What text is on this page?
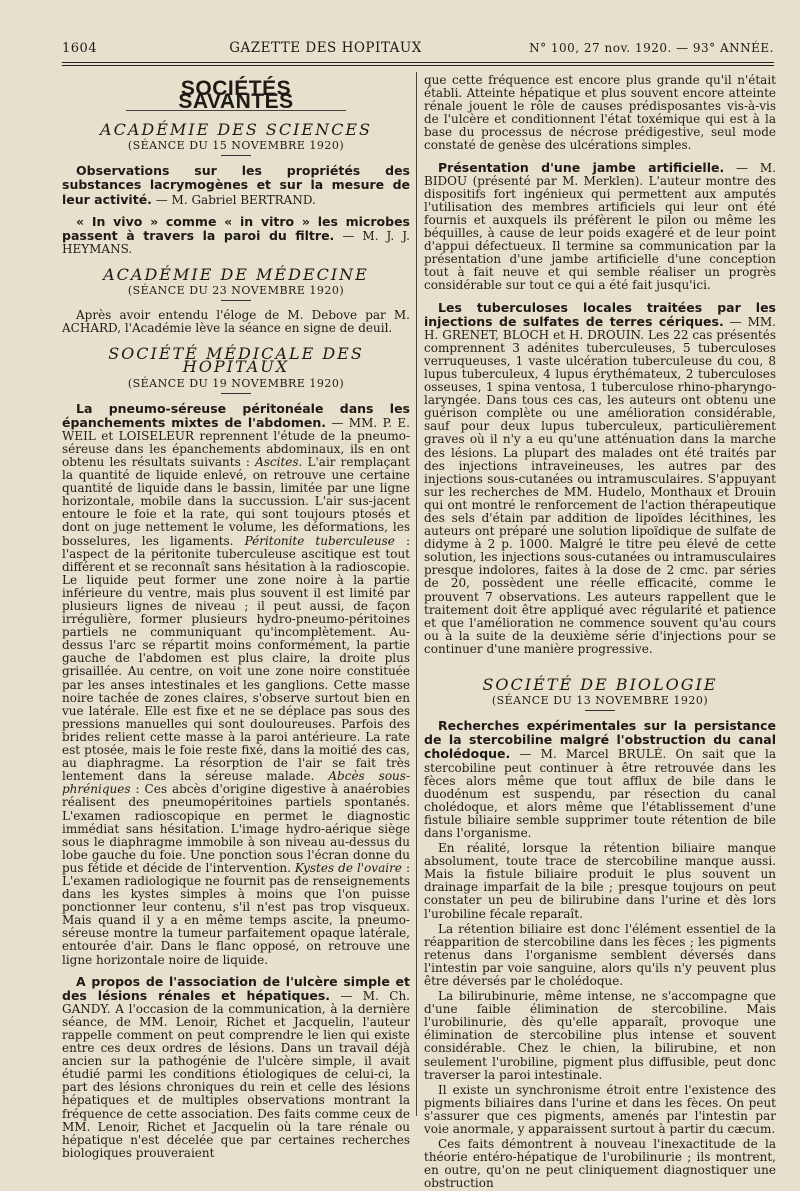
1604	GAZETTE DES HOPITAUX	N° 100, 27 nov. 1920. — 93° ANNÉE.
SOCIÉTÉS SAVANTES
ACADÉMIE DES SCIENCES
(SÉANCE DU 15 NOVEMBRE 1920)

Observations sur les propriétés des substances lacrymogènes et sur la mesure de leur activité. — M. Gabriel BERTRAND.

« In vivo » comme « in vitro » les microbes passent à travers la paroi du filtre. — M. J. J. HEYMANS.

ACADÉMIE DE MÉDECINE
(SÉANCE DU 23 NOVEMBRE 1920)

Après avoir entendu l'éloge de M. Debove par M. ACHARD, l'Académie lève la séance en signe de deuil.

SOCIÉTÉ MÉDICALE DES HOPITAUX
(SÉANCE DU 19 NOVEMBRE 1920)

La pneumo-séreuse péritonéale dans les épanchements mixtes de l'abdomen. — MM. P. E. WEIL et LOISELEUR reprennent l'étude de la pneumo-séreuse dans les épanchements abdominaux, ils en ont obtenu les résultats suivants : Ascites. L'air remplaçant la quantité de liquide enlevé, on retrouve une certaine quantité de liquide dans le bassin, limitée par une ligne horizontale, mobile dans la succussion. L'air sus-jacent entoure le foie et la rate, qui sont toujours ptosés et dont on juge nettement le volume, les déformations, les bosselures, les ligaments. Péritonite tuberculeuse : l'aspect de la péritonite tuberculeuse ascitique est tout différent et se reconnaît sans hésitation à la radioscopie. Le liquide peut former une zone noire à la partie inférieure du ventre, mais plus souvent il est limité par plusieurs lignes de niveau ; il peut aussi, de façon irrégulière, former plusieurs hydro-pneumo-péritoines partiels ne communiquant qu'incomplètement. Au-dessus l'arc se répartit moins conformément, la partie gauche de l'abdomen est plus claire, la droite plus grisaillée. Au centre, on voit une zone noire constituée par les anses intestinales et les ganglions. Cette masse noire tachée de zones claires, s'observe surtout bien en vue latérale. Elle est fixe et ne se déplace pas sous des pressions manuelles qui sont douloureuses. Parfois des brides relient cette masse à la paroi antérieure. La rate est ptosée, mais le foie reste fixé, dans la moitié des cas, au diaphragme. La résorption de l'air se fait très lentement dans la séreuse malade. Abcès sous-phréniques : Ces abcès d'origine digestive à anaérobies réalisent des pneumopéritoines partiels spontanés. L'examen radioscopique en permet le diagnostic immédiat sans hésitation. L'image hydro-aérique siège sous le diaphragme immobile à son niveau au-dessus du lobe gauche du foie. Une ponction sous l'écran donne du pus fétide et décide de l'intervention. Kystes de l'ovaire : L'examen radiologique ne fournit pas de renseignements dans les kystes simples à moins que l'on puisse ponctionner leur contenu, s'il n'est pas trop visqueux. Mais quand il y a en même temps ascite, la pneumo-séreuse montre la tumeur parfaitement opaque latérale, entourée d'air. Dans le flanc opposé, on retrouve une ligne horizontale noire de liquide.

A propos de l'association de l'ulcère simple et des lésions rénales et hépatiques. — M. Ch. GANDY. A l'occasion de la communication, à la dernière séance, de MM. Lenoir, Richet et Jacquelin, l'auteur rappelle comment on peut comprendre le lien qui existe entre ces deux ordres de lésions. Dans un travail déjà ancien sur la pathogénie de l'ulcère simple, il avait étudié parmi les conditions étiologiques de celui-ci, la part des lésions chroniques du rein et celle des lésions hépatiques et de multiples observations montrant la fréquence de cette association. Des faits comme ceux de MM. Lenoir, Richet et Jacquelin où la tare rénale ou hépatique n'est décelée que par certaines recherches biologiques prouveraient

que cette fréquence est encore plus grande qu'il n'était établi. Atteinte hépatique et plus souvent encore atteinte rénale jouent le rôle de causes prédisposantes vis-à-vis de l'ulcère et conditionnent l'état toxémique qui est à la base du processus de nécrose prédigestive, seul mode constaté de genèse des ulcérations simples.

Présentation d'une jambe artificielle. — M. BIDOU (présenté par M. Merklen). L'auteur montre des dispositifs fort ingénieux qui permettent aux amputés l'utilisation des membres artificiels qui leur ont été fournis et auxquels ils préfèrent le pilon ou même les béquilles, à cause de leur poids exagéré et de leur point d'appui défectueux. Il termine sa communication par la présentation d'une jambe artificielle d'une conception tout à fait neuve et qui semble réaliser un progrès considérable sur tout ce qui a été fait jusqu'ici.

Les tuberculoses locales traitées par les injections de sulfates de terres cériques. — MM. H. GRENET, BLOCH et H. DROUIN. Les 22 cas présentés comprennent 3 adénites tuberculeuses, 5 tuberculoses verruqueuses, 1 vaste ulcération tuberculeuse du cou, 8 lupus tuberculeux, 4 lupus érythémateux, 2 tuberculoses osseuses, 1 spina ventosa, 1 tuberculose rhino-pharyngo-laryngée. Dans tous ces cas, les auteurs ont obtenu une guérison complète ou une amélioration considérable, sauf pour deux lupus tuberculeux, particulièrement graves où il n'y a eu qu'une atténuation dans la marche des lésions. La plupart des malades ont été traités par des injections intraveineuses, les autres par des injections sous-cutanées ou intramusculaires. S'appuyant sur les recherches de MM. Hudelo, Monthaux et Drouin qui ont montré le renforcement de l'action thérapeutique des sels d'étain par addition de lipoïdes lécithines, les auteurs ont préparé une solution lipoïdique de sulfate de didyme à 2 p. 1000. Malgré le titre peu élevé de cette solution, les injections sous-cutanées ou intramusculaires presque indolores, faites à la dose de 2 cmc. par séries de 20, possèdent une réelle efficacité, comme le prouvent 7 observations. Les auteurs rappellent que le traitement doit être appliqué avec régularité et patience et que l'amélioration ne commence souvent qu'au cours ou à la suite de la deuxième série d'injections pour se continuer d'une manière progressive.

SOCIÉTÉ DE BIOLOGIE
(SÉANCE DU 13 NOVEMBRE 1920)

Recherches expérimentales sur la persistance de la stercobiline malgré l'obstruction du canal cholédoque. — M. Marcel BRULÉ. On sait que la stercobiline peut continuer à être retrouvée dans les fèces alors même que tout afflux de bile dans le duodénum est suspendu, par résection du canal cholédoque, et alors même que l'établissement d'une fistule biliaire semble supprimer toute rétention de bile dans l'organisme.

En réalité, lorsque la rétention biliaire manque absolument, toute trace de stercobiline manque aussi. Mais la fistule biliaire produit le plus souvent un drainage imparfait de la bile ; presque toujours on peut constater un peu de bilirubine dans l'urine et dès lors l'urobiline fécale reparaît.

La rétention biliaire est donc l'élément essentiel de la réapparition de stercobiline dans les fèces ; les pigments retenus dans l'organisme semblent déversés dans l'intestin par voie sanguine, alors qu'ils n'y peuvent plus être déversés par le cholédoque.

La bilirubinurie, même intense, ne s'accompagne que d'une faible élimination de stercobiline. Mais l'urobilinurie, dès qu'elle apparaît, provoque une élimination de stercobiline plus intense et souvent considérable. Chez le chien, la bilirubine, et non seulement l'urobiline, pigment plus diffusible, peut donc traverser la paroi intestinale.

Il existe un synchronisme étroit entre l'existence des pigments biliaires dans l'urine et dans les fèces. On peut s'assurer que ces pigments, amenés par l'intestin par voie anormale, y apparaissent surtout à partir du cæcum.

Ces faits démontrent à nouveau l'inexactitude de la théorie entéro-hépatique de l'urobilinurie ; ils montrent, en outre, qu'on ne peut cliniquement diagnostiquer une obstruction
